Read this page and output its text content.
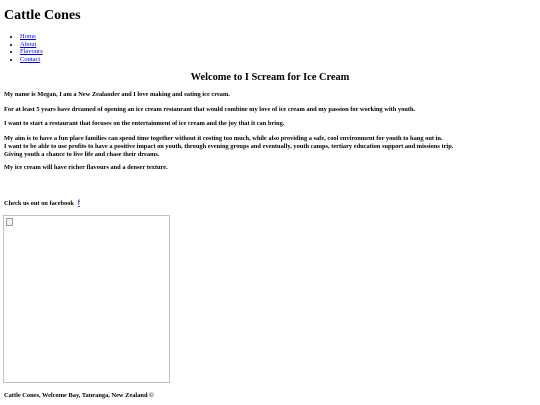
Cattle Cones
• Home
• About
• Flavours
• Contact
Welcome to I Scream for Ice Cream

My name is Megan, I am a New Zealander and I love making and eating ice cream.

For at least 5 years have dreamed of opening an ice cream restaurant that would combine my love of ice cream and my passion for working with youth.

I want to start a restaurant that focuses on the entertainment of ice cream and the joy that it can bring.

My aim is to have a fun place families can spend time together without it costing too much, while also providing a safe, cool environment for youth to hang out in.
I want to be able to use profits to have a positive impact on youth, through evening groups and eventually, youth camps, tertiary education support and missions trip.
Giving youth a chance to live life and chase their dreams.

My ice cream will have richer flavours and a denser texture.

Check us out on facebook f

Cattle Cones, Welcome Bay, Tauranga, New Zealand ©
